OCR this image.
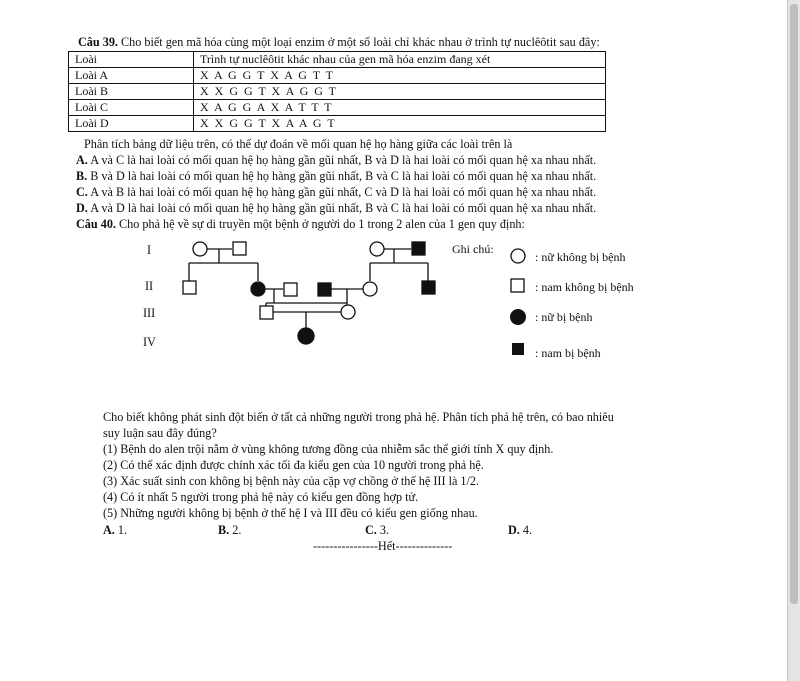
Câu 39. Cho biết gen mã hóa cùng một loại enzim ở một số loài chỉ khác nhau ở trình tự nuclêôtit sau đây:
Loài	Trình tự nuclêôtit khác nhau của gen mã hóa enzim đang xét
Loài A	X A G G T X A G T T
Loài B	X X G G T X A G G T
Loài C	X A G G A X A T T T
Loài D	X X G G T X A A G T
Phân tích bảng dữ liệu trên, có thể dự đoán về mối quan hệ họ hàng giữa các loài trên là
A. A và C là hai loài có mối quan hệ họ hàng gần gũi nhất, B và D là hai loài có mối quan hệ xa nhau nhất.
B. B và D là hai loài có mối quan hệ họ hàng gần gũi nhất, B và C là hai loài có mối quan hệ xa nhau nhất.
C. A và B là hai loài có mối quan hệ họ hàng gần gũi nhất, C và D là hai loài có mối quan hệ xa nhau nhất.
D. A và D là hai loài có mối quan hệ họ hàng gần gũi nhất, B và C là hai loài có mối quan hệ xa nhau nhất.
Câu 40. Cho phả hệ về sự di truyền một bệnh ở người do 1 trong 2 alen của 1 gen quy định:
I
II
III
IV
Ghi chú:
: nữ không bị bệnh
: nam không bị bệnh
: nữ bị bệnh
: nam bị bệnh
Cho biết không phát sinh đột biến ở tất cả những người trong phả hệ. Phân tích phả hệ trên, có bao nhiêu
suy luận sau đây đúng?
(1) Bệnh do alen trội nằm ở vùng không tương đồng của nhiễm sắc thể giới tính X quy định.
(2) Có thể xác định được chính xác tối đa kiểu gen của 10 người trong phả hệ.
(3) Xác suất sinh con không bị bệnh này của cặp vợ chồng ở thế hệ III là 1/2.
(4) Có ít nhất 5 người trong phả hệ này có kiểu gen đồng hợp tử.
(5) Những người không bị bệnh ở thế hệ I và III đều có kiểu gen giống nhau.
A. 1.	B. 2.	C. 3.	D. 4.
----------------Hết--------------
